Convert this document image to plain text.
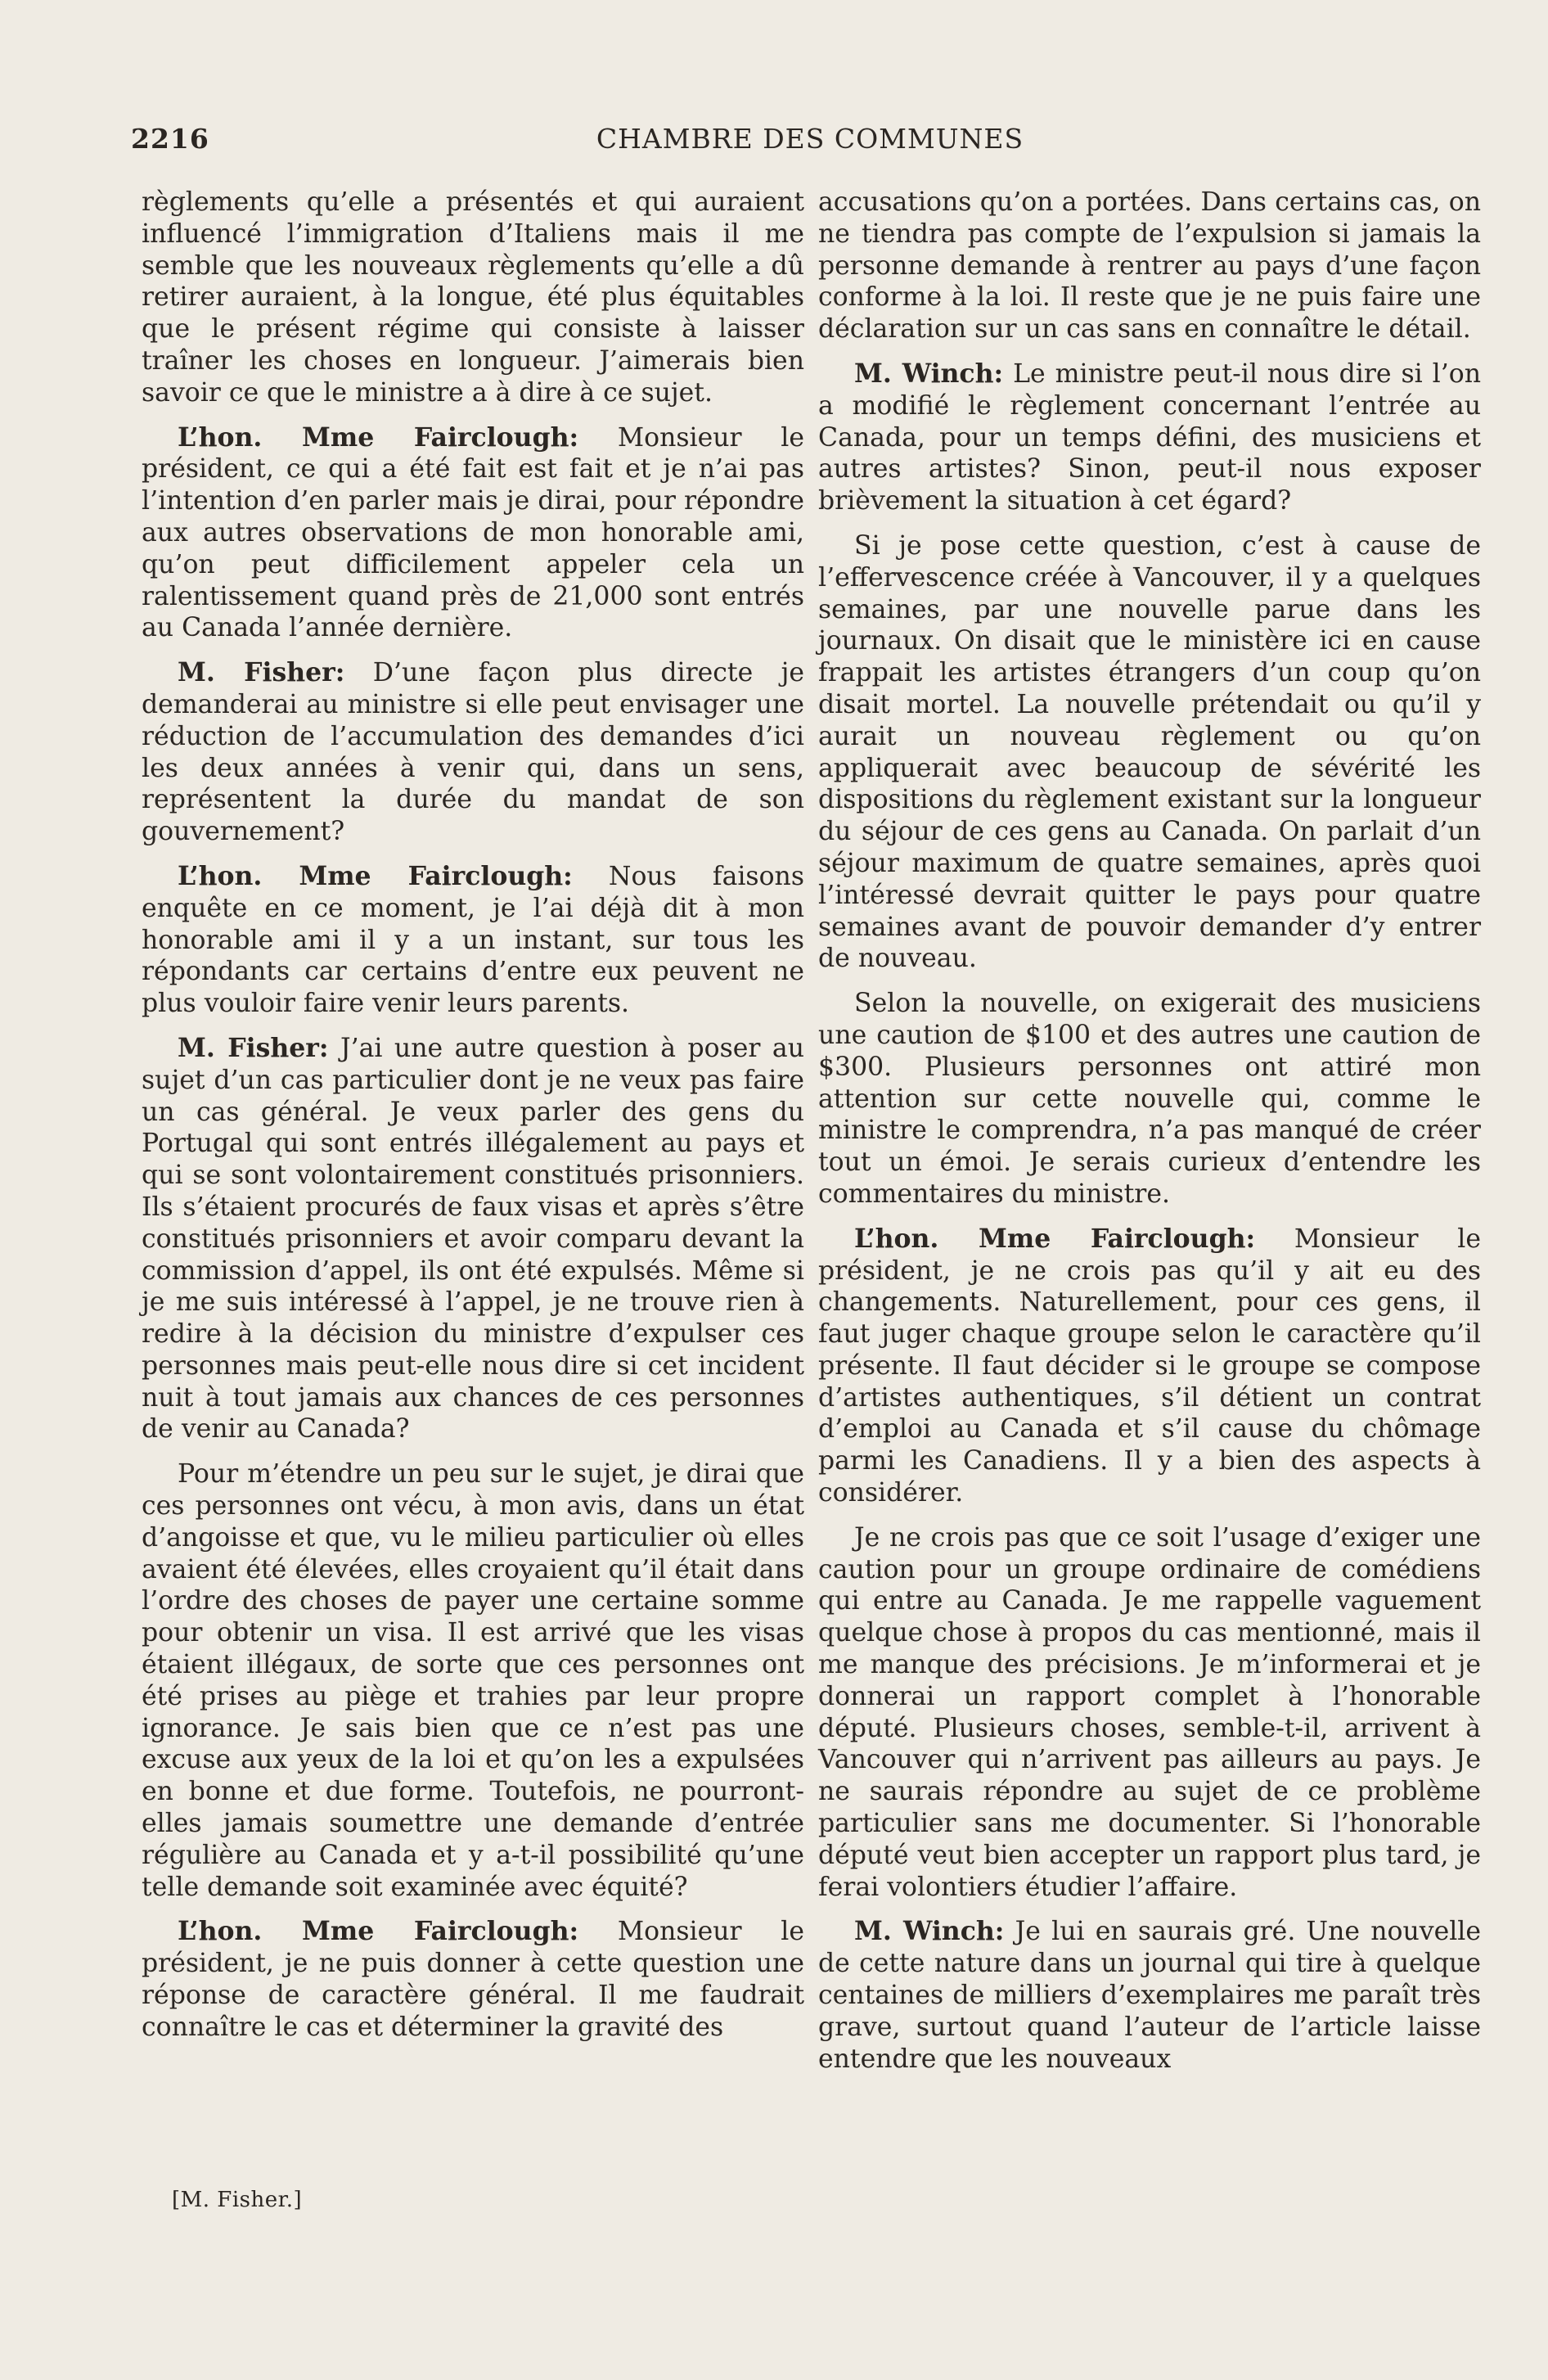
2216	CHAMBRE DES COMMUNES

règlements qu’elle a présentés et qui auraient influencé l’immigration d’Italiens mais il me semble que les nouveaux règlements qu’elle a dû retirer auraient, à la longue, été plus équitables que le présent régime qui consiste à laisser traîner les choses en longueur. J’aimerais bien savoir ce que le ministre a à dire à ce sujet.

L’hon. Mme Fairclough: Monsieur le président, ce qui a été fait est fait et je n’ai pas l’intention d’en parler mais je dirai, pour répondre aux autres observations de mon honorable ami, qu’on peut difficilement appeler cela un ralentissement quand près de 21,000 sont entrés au Canada l’année dernière.

M. Fisher: D’une façon plus directe je demanderai au ministre si elle peut envisager une réduction de l’accumulation des demandes d’ici les deux années à venir qui, dans un sens, représentent la durée du mandat de son gouvernement?

L’hon. Mme Fairclough: Nous faisons enquête en ce moment, je l’ai déjà dit à mon honorable ami il y a un instant, sur tous les répondants car certains d’entre eux peuvent ne plus vouloir faire venir leurs parents.

M. Fisher: J’ai une autre question à poser au sujet d’un cas particulier dont je ne veux pas faire un cas général. Je veux parler des gens du Portugal qui sont entrés illégalement au pays et qui se sont volontairement constitués prisonniers. Ils s’étaient procurés de faux visas et après s’être constitués prisonniers et avoir comparu devant la commission d’appel, ils ont été expulsés. Même si je me suis intéressé à l’appel, je ne trouve rien à redire à la décision du ministre d’expulser ces personnes mais peut-elle nous dire si cet incident nuit à tout jamais aux chances de ces personnes de venir au Canada?

Pour m’étendre un peu sur le sujet, je dirai que ces personnes ont vécu, à mon avis, dans un état d’angoisse et que, vu le milieu particulier où elles avaient été élevées, elles croyaient qu’il était dans l’ordre des choses de payer une certaine somme pour obtenir un visa. Il est arrivé que les visas étaient illégaux, de sorte que ces personnes ont été prises au piège et trahies par leur propre ignorance. Je sais bien que ce n’est pas une excuse aux yeux de la loi et qu’on les a expulsées en bonne et due forme. Toutefois, ne pourront-elles jamais soumettre une demande d’entrée régulière au Canada et y a-t-il possibilité qu’une telle demande soit examinée avec équité?

L’hon. Mme Fairclough: Monsieur le président, je ne puis donner à cette question une réponse de caractère général. Il me faudrait connaître le cas et déterminer la gravité des

accusations qu’on a portées. Dans certains cas, on ne tiendra pas compte de l’expulsion si jamais la personne demande à rentrer au pays d’une façon conforme à la loi. Il reste que je ne puis faire une déclaration sur un cas sans en connaître le détail.

M. Winch: Le ministre peut-il nous dire si l’on a modifié le règlement concernant l’entrée au Canada, pour un temps défini, des musiciens et autres artistes? Sinon, peut-il nous exposer brièvement la situation à cet égard?

Si je pose cette question, c’est à cause de l’effervescence créée à Vancouver, il y a quelques semaines, par une nouvelle parue dans les journaux. On disait que le ministère ici en cause frappait les artistes étrangers d’un coup qu’on disait mortel. La nouvelle prétendait ou qu’il y aurait un nouveau règlement ou qu’on appliquerait avec beaucoup de sévérité les dispositions du règlement existant sur la longueur du séjour de ces gens au Canada. On parlait d’un séjour maximum de quatre semaines, après quoi l’intéressé devrait quitter le pays pour quatre semaines avant de pouvoir demander d’y entrer de nouveau.

Selon la nouvelle, on exigerait des musiciens une caution de $100 et des autres une caution de $300. Plusieurs personnes ont attiré mon attention sur cette nouvelle qui, comme le ministre le comprendra, n’a pas manqué de créer tout un émoi. Je serais curieux d’entendre les commentaires du ministre.

L’hon. Mme Fairclough: Monsieur le président, je ne crois pas qu’il y ait eu des changements. Naturellement, pour ces gens, il faut juger chaque groupe selon le caractère qu’il présente. Il faut décider si le groupe se compose d’artistes authentiques, s’il détient un contrat d’emploi au Canada et s’il cause du chômage parmi les Canadiens. Il y a bien des aspects à considérer.

Je ne crois pas que ce soit l’usage d’exiger une caution pour un groupe ordinaire de comédiens qui entre au Canada. Je me rappelle vaguement quelque chose à propos du cas mentionné, mais il me manque des précisions. Je m’informerai et je donnerai un rapport complet à l’honorable député. Plusieurs choses, semble-t-il, arrivent à Vancouver qui n’arrivent pas ailleurs au pays. Je ne saurais répondre au sujet de ce problème particulier sans me documenter. Si l’honorable député veut bien accepter un rapport plus tard, je ferai volontiers étudier l’affaire.

M. Winch: Je lui en saurais gré. Une nouvelle de cette nature dans un journal qui tire à quelque centaines de milliers d’exemplaires me paraît très grave, surtout quand l’auteur de l’article laisse entendre que les nouveaux

[M. Fisher.]
